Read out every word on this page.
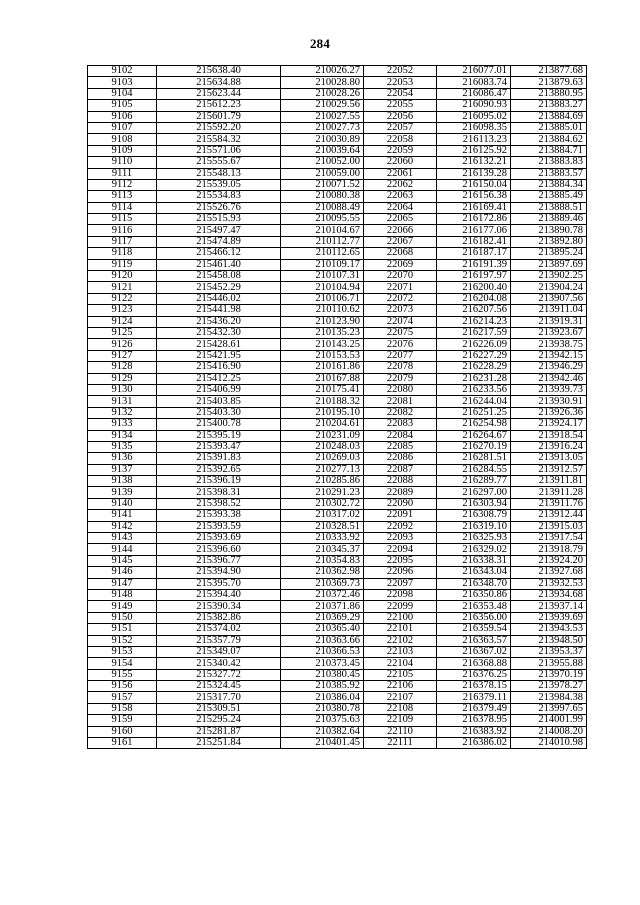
284
9102	215638.40	210026.27	22052	216077.01	213877.68
9103	215634.88	210028.80	22053	216083.74	213879.63
9104	215623.44	210028.26	22054	216086.47	213880.95
9105	215612.23	210029.56	22055	216090.93	213883.27
9106	215601.79	210027.55	22056	216095.02	213884.69
9107	215592.20	210027.73	22057	216098.35	213885.01
9108	215584.32	210030.89	22058	216113.23	213884.62
9109	215571.06	210039.64	22059	216125.92	213884.71
9110	215555.67	210052.00	22060	216132.21	213883.83
9111	215548.13	210059.00	22061	216139.28	213883.57
9112	215539.05	210071.52	22062	216150.04	213884.34
9113	215534.83	210080.38	22063	216156.38	213885.49
9114	215526.76	210088.49	22064	216169.41	213888.51
9115	215515.93	210095.55	22065	216172.86	213889.46
9116	215497.47	210104.67	22066	216177.06	213890.78
9117	215474.89	210112.77	22067	216182.41	213892.80
9118	215466.12	210112.65	22068	216187.17	213895.24
9119	215461.40	210109.17	22069	216191.39	213897.69
9120	215458.08	210107.31	22070	216197.97	213902.25
9121	215452.29	210104.94	22071	216200.40	213904.24
9122	215446.02	210106.71	22072	216204.08	213907.56
9123	215441.98	210110.62	22073	216207.56	213911.04
9124	215436.20	210123.90	22074	216214.23	213919.31
9125	215432.30	210135.23	22075	216217.59	213923.67
9126	215428.61	210143.25	22076	216226.09	213938.75
9127	215421.95	210153.53	22077	216227.29	213942.15
9128	215416.90	210161.86	22078	216228.29	213946.29
9129	215412.25	210167.88	22079	216231.28	213942.46
9130	215406.99	210175.41	22080	216233.56	213939.73
9131	215403.85	210188.32	22081	216244.04	213930.91
9132	215403.30	210195.10	22082	216251.25	213926.36
9133	215400.78	210204.61	22083	216254.98	213924.17
9134	215395.19	210231.09	22084	216264.67	213918.54
9135	215393.47	210248.03	22085	216270.19	213916.24
9136	215391.83	210269.03	22086	216281.51	213913.05
9137	215392.65	210277.13	22087	216284.55	213912.57
9138	215396.19	210285.86	22088	216289.77	213911.81
9139	215398.31	210291.23	22089	216297.00	213911.28
9140	215398.52	210302.72	22090	216303.94	213911.76
9141	215393.38	210317.02	22091	216308.79	213912.44
9142	215393.59	210328.51	22092	216319.10	213915.03
9143	215393.69	210333.92	22093	216325.93	213917.54
9144	215396.60	210345.37	22094	216329.02	213918.79
9145	215396.77	210354.83	22095	216338.31	213924.20
9146	215394.90	210362.98	22096	216343.04	213927.68
9147	215395.70	210369.73	22097	216348.70	213932.53
9148	215394.40	210372.46	22098	216350.86	213934.68
9149	215390.34	210371.86	22099	216353.48	213937.14
9150	215382.86	210369.29	22100	216356.00	213939.69
9151	215374.02	210365.40	22101	216359.54	213943.53
9152	215357.79	210363.66	22102	216363.57	213948.50
9153	215349.07	210366.53	22103	216367.02	213953.37
9154	215340.42	210373.45	22104	216368.88	213955.88
9155	215327.72	210380.45	22105	216376.25	213970.19
9156	215324.45	210385.92	22106	216378.15	213978.27
9157	215317.70	210386.04	22107	216379.11	213984.38
9158	215309.51	210380.78	22108	216379.49	213997.65
9159	215295.24	210375.63	22109	216378.95	214001.99
9160	215281.87	210382.64	22110	216383.92	214008.20
9161	215251.84	210401.45	22111	216386.02	214010.98
